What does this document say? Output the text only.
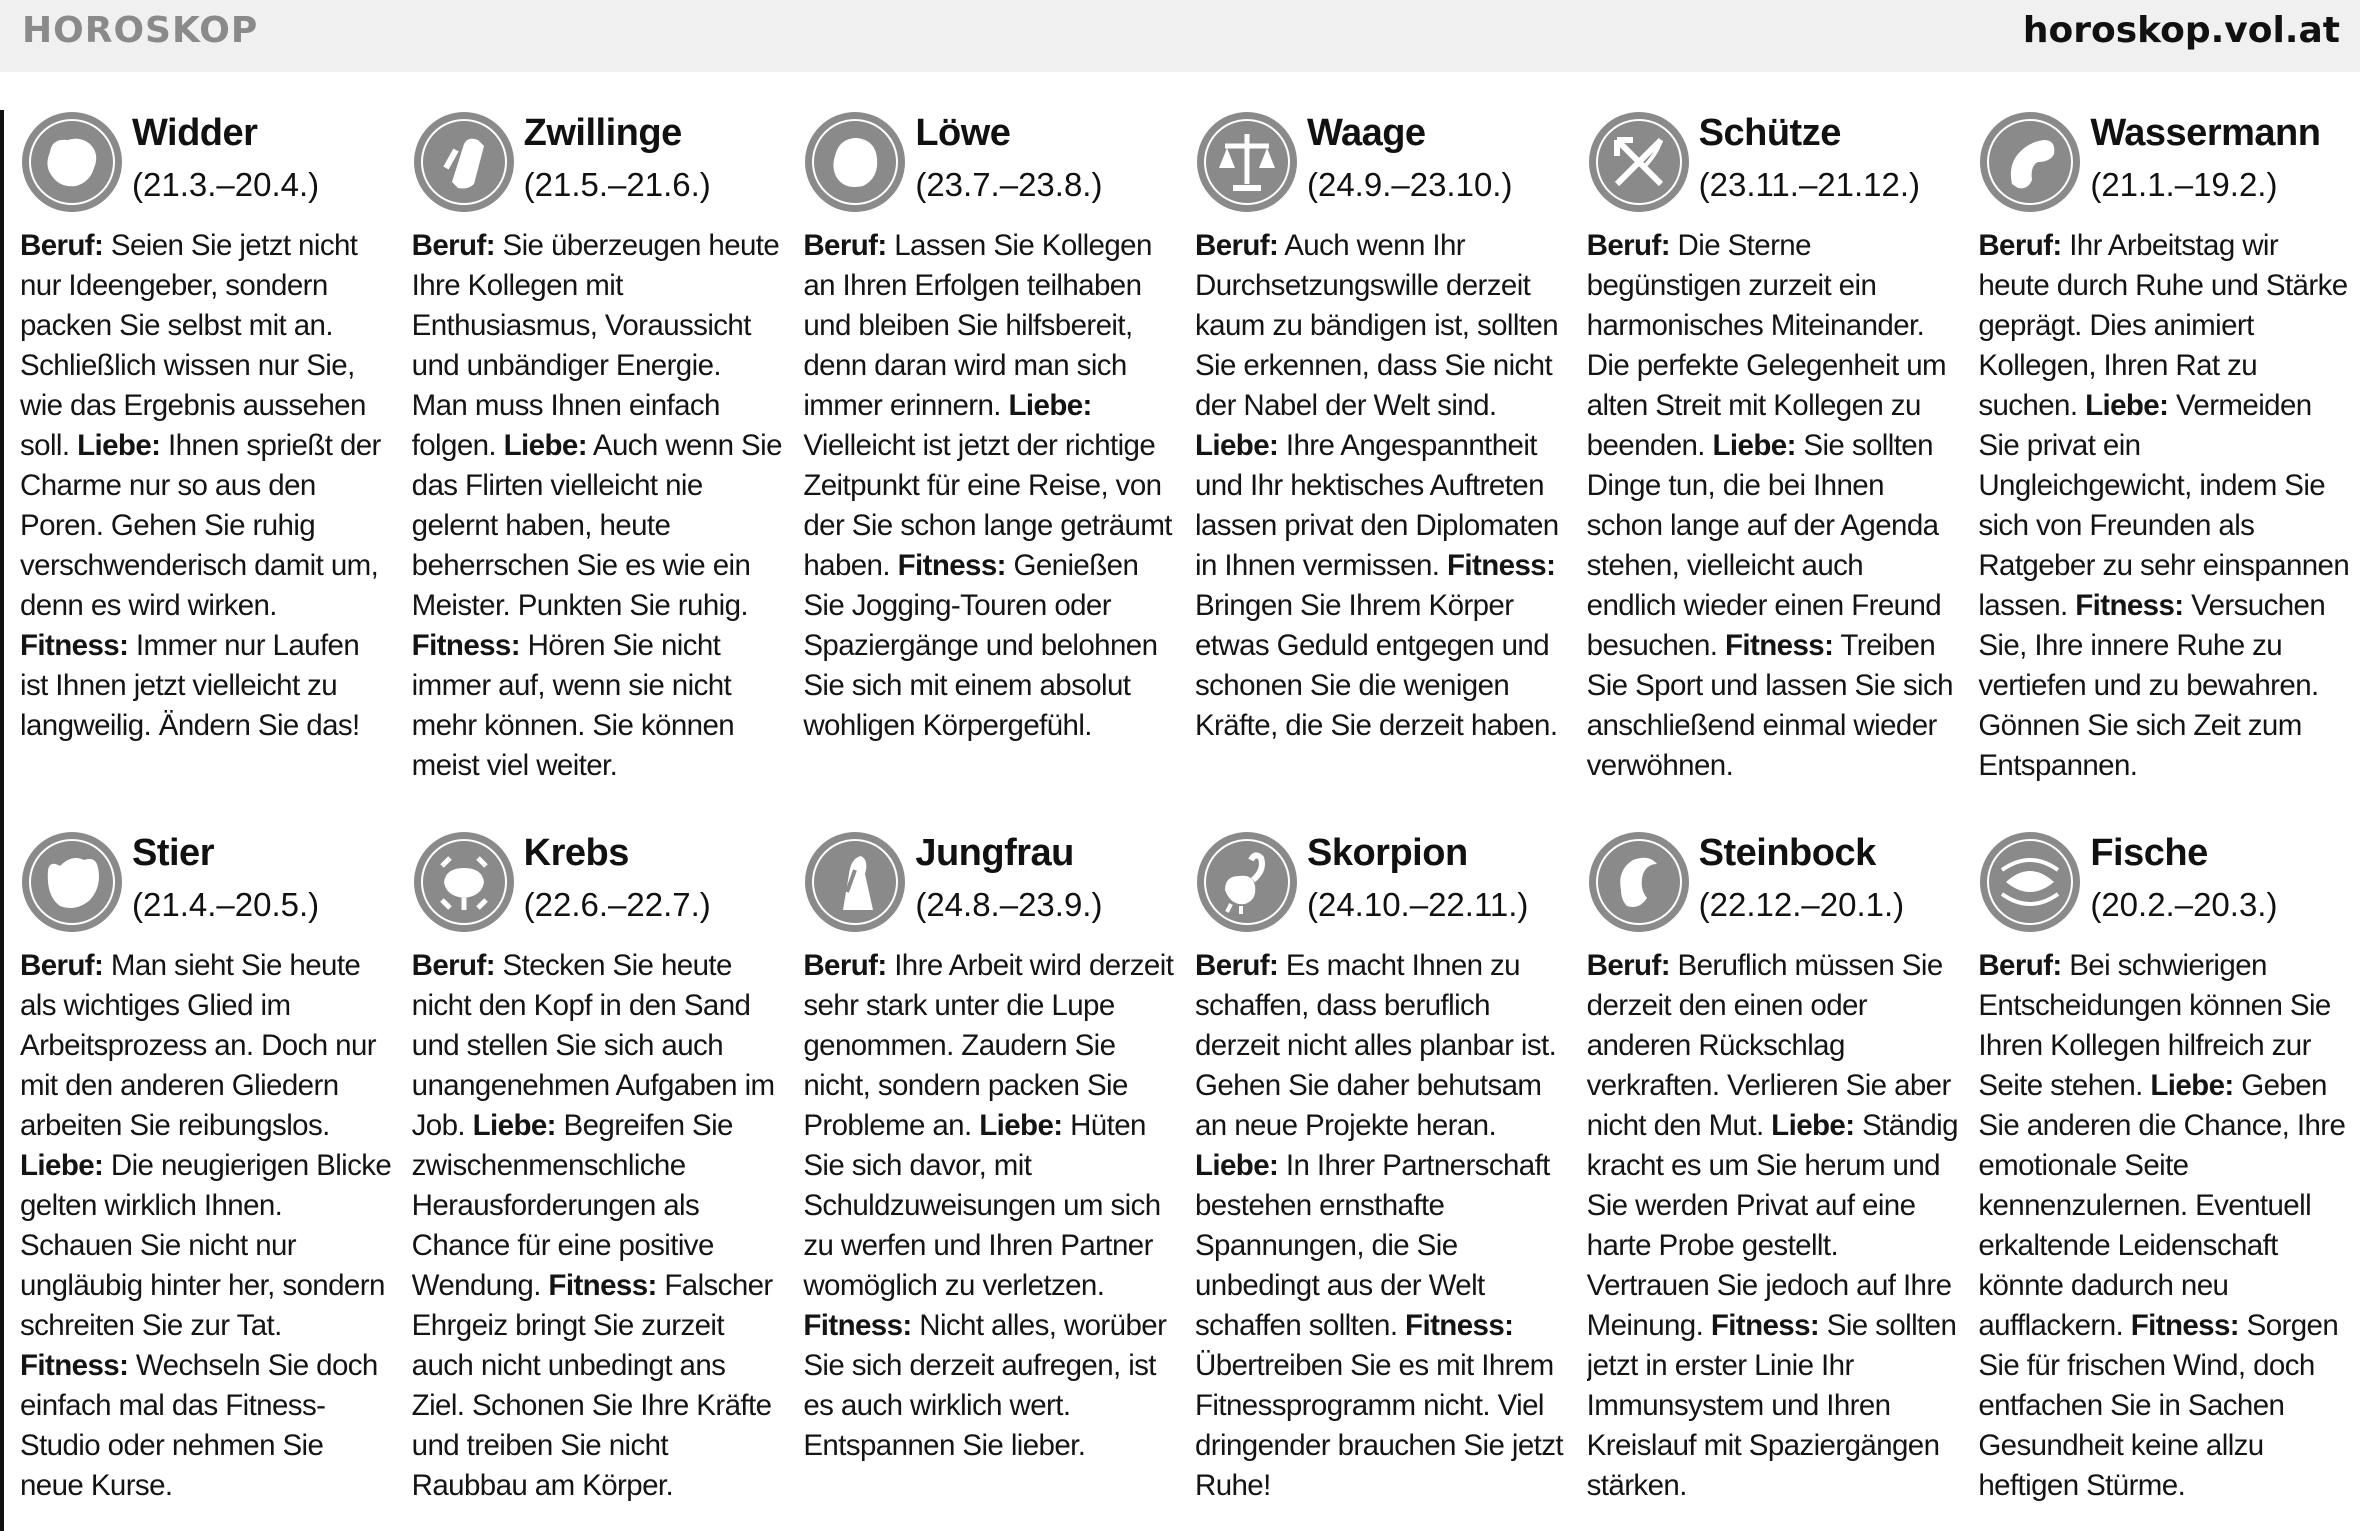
HOROSKOP	horoskop.vol.at
Widder
(21.3.–20.4.)
Beruf: Seien Sie jetzt nicht nur Ideengeber, sondern packen Sie selbst mit an. Schließlich wissen nur Sie, wie das Ergebnis aussehen soll. Liebe: Ihnen sprießt der Charme nur so aus den Poren. Gehen Sie ruhig verschwenderisch damit um, denn es wird wirken. Fitness: Immer nur Laufen ist Ihnen jetzt vielleicht zu langweilig. Ändern Sie das!
Zwillinge
(21.5.–21.6.)
Beruf: Sie überzeugen heute Ihre Kollegen mit Enthusiasmus, Voraussicht und unbändiger Energie. Man muss Ihnen einfach folgen. Liebe: Auch wenn Sie das Flirten vielleicht nie gelernt haben, heute beherrschen Sie es wie ein Meister. Punkten Sie ruhig. Fitness: Hören Sie nicht immer auf, wenn sie nicht mehr können. Sie können meist viel weiter.
Löwe
(23.7.–23.8.)
Beruf: Lassen Sie Kollegen an Ihren Erfolgen teilhaben und bleiben Sie hilfsbereit, denn daran wird man sich immer erinnern. Liebe: Vielleicht ist jetzt der richtige Zeitpunkt für eine Reise, von der Sie schon lange geträumt haben. Fitness: Genießen Sie Jogging-Touren oder Spaziergänge und belohnen Sie sich mit einem absolut wohligen Körpergefühl.
Waage
(24.9.–23.10.)
Beruf: Auch wenn Ihr Durchsetzungswille derzeit kaum zu bändigen ist, sollten Sie erkennen, dass Sie nicht der Nabel der Welt sind. Liebe: Ihre Angespanntheit und Ihr hektisches Auftreten lassen privat den Diplomaten in Ihnen vermissen. Fitness: Bringen Sie Ihrem Körper etwas Geduld entgegen und schonen Sie die wenigen Kräfte, die Sie derzeit haben.
Schütze
(23.11.–21.12.)
Beruf: Die Sterne begünstigen zurzeit ein harmonisches Miteinander. Die perfekte Gelegenheit um alten Streit mit Kollegen zu beenden. Liebe: Sie sollten Dinge tun, die bei Ihnen schon lange auf der Agenda stehen, vielleicht auch endlich wieder einen Freund besuchen. Fitness: Treiben Sie Sport und lassen Sie sich anschließend einmal wieder verwöhnen.
Wassermann
(21.1.–19.2.)
Beruf: Ihr Arbeitstag wir heute durch Ruhe und Stärke geprägt. Dies animiert Kollegen, Ihren Rat zu suchen. Liebe: Vermeiden Sie privat ein Ungleichgewicht, indem Sie sich von Freunden als Ratgeber zu sehr einspannen lassen. Fitness: Versuchen Sie, Ihre innere Ruhe zu vertiefen und zu bewahren. Gönnen Sie sich Zeit zum Entspannen.
Stier
(21.4.–20.5.)
Beruf: Man sieht Sie heute als wichtiges Glied im Arbeitsprozess an. Doch nur mit den anderen Gliedern arbeiten Sie reibungslos. Liebe: Die neugierigen Blicke gelten wirklich Ihnen. Schauen Sie nicht nur ungläubig hinter her, sondern schreiten Sie zur Tat. Fitness: Wechseln Sie doch einfach mal das Fitness-Studio oder nehmen Sie neue Kurse.
Krebs
(22.6.–22.7.)
Beruf: Stecken Sie heute nicht den Kopf in den Sand und stellen Sie sich auch unangenehmen Aufgaben im Job. Liebe: Begreifen Sie zwischenmenschliche Herausforderungen als Chance für eine positive Wendung. Fitness: Falscher Ehrgeiz bringt Sie zurzeit auch nicht unbedingt ans Ziel. Schonen Sie Ihre Kräfte und treiben Sie nicht Raubbau am Körper.
Jungfrau
(24.8.–23.9.)
Beruf: Ihre Arbeit wird derzeit sehr stark unter die Lupe genommen. Zaudern Sie nicht, sondern packen Sie Probleme an. Liebe: Hüten Sie sich davor, mit Schuldzuweisungen um sich zu werfen und Ihren Partner womöglich zu verletzen. Fitness: Nicht alles, worüber Sie sich derzeit aufregen, ist es auch wirklich wert. Entspannen Sie lieber.
Skorpion
(24.10.–22.11.)
Beruf: Es macht Ihnen zu schaffen, dass beruflich derzeit nicht alles planbar ist. Gehen Sie daher behutsam an neue Projekte heran. Liebe: In Ihrer Partnerschaft bestehen ernsthafte Spannungen, die Sie unbedingt aus der Welt schaffen sollten. Fitness: Übertreiben Sie es mit Ihrem Fitnessprogramm nicht. Viel dringender brauchen Sie jetzt Ruhe!
Steinbock
(22.12.–20.1.)
Beruf: Beruflich müssen Sie derzeit den einen oder anderen Rückschlag verkraften. Verlieren Sie aber nicht den Mut. Liebe: Ständig kracht es um Sie herum und Sie werden Privat auf eine harte Probe gestellt. Vertrauen Sie jedoch auf Ihre Meinung. Fitness: Sie sollten jetzt in erster Linie Ihr Immunsystem und Ihren Kreislauf mit Spaziergängen stärken.
Fische
(20.2.–20.3.)
Beruf: Bei schwierigen Entscheidungen können Sie Ihren Kollegen hilfreich zur Seite stehen. Liebe: Geben Sie anderen die Chance, Ihre emotionale Seite kennenzulernen. Eventuell erkaltende Leidenschaft könnte dadurch neu aufflackern. Fitness: Sorgen Sie für frischen Wind, doch entfachen Sie in Sachen Gesundheit keine allzu heftigen Stürme.
